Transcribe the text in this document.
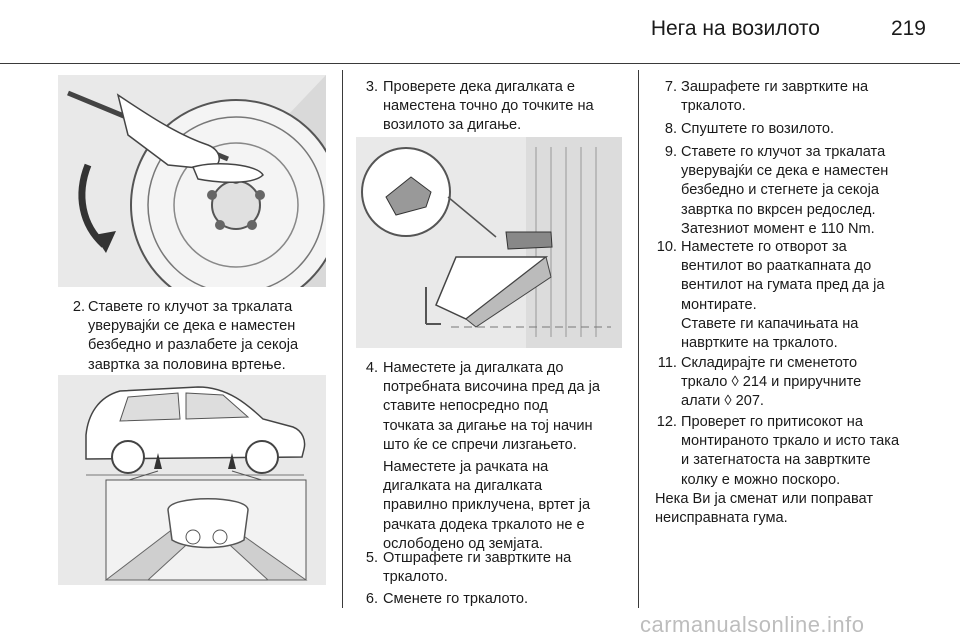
Нега на возилото	219
2. Ставете го клучот за тркалата
уверувајќи се дека е наместен
безбедно и разлабете ја секоја
завртка за половина вртење.
3. Проверете дека дигалката е
наместена точно до точките на
возилото за дигање.
4. Наместете ја дигалката до
потребната височина пред да ја
ставите непосредно под
точката за дигање на тој начин
што ќе се спречи лизгањето.
Наместете ја рачката на
дигалката на дигалката
правилно приклучена, вртет ја
рачката додека тркалото не е
ослободено од земјата.
5. Отшрафете ги завртките на
тркалото.
6. Сменете го тркалото.
7. Зашрафете ги завртките на
тркалото.
8. Спуштете го возилото.
9. Ставете го клучот за тркалата
уверувајќи се дека е наместен
безбедно и стегнете ја секоја
завртка по вкрсен редослед.
Затезниот момент е 110 Nm.
10. Наместете го отворот за
вентилот во рааткапната до
вентилот на гумата пред да ја
монтирате.
Ставете ги капачињата на
навртките на тркалото.
11. Складирајте ги сменетото
тркало ◊ 214 и приручните
алати ◊ 207.
12. Проверет го притисокот на
монтираното тркало и исто така
и затегнатоста на завртките
колку е можно поскоро.
Нека Ви ја сменат или поправат
неисправната гума.
carmanualsonline.info
